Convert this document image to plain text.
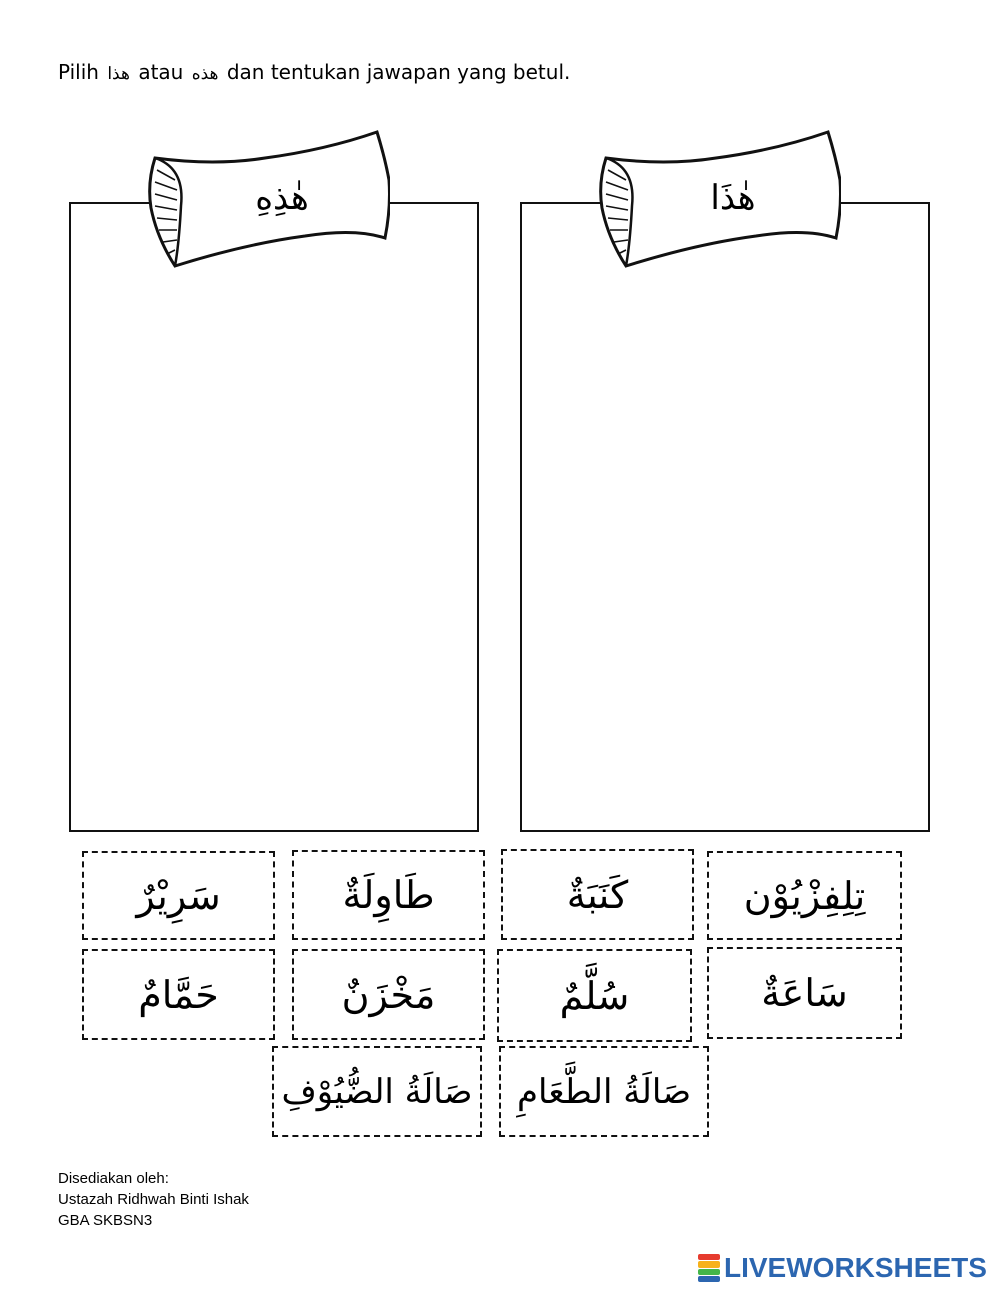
Pilih هذا atau هذه dan tentukan jawapan yang betul.
هٰذِهِ	هٰذَا
سَرِيْرٌ	طَاوِلَةٌ	كَنَبَةٌ	تِلِفِزْيُوْن
حَمَّامٌ	مَخْزَنٌ	سُلَّمٌ	سَاعَةٌ
صَالَةُ الضُّيُوْفِ	صَالَةُ الطَّعَامِ
Disediakan oleh:
Ustazah Ridhwah Binti Ishak
GBA SKBSN3
LIVEWORKSHEETS
